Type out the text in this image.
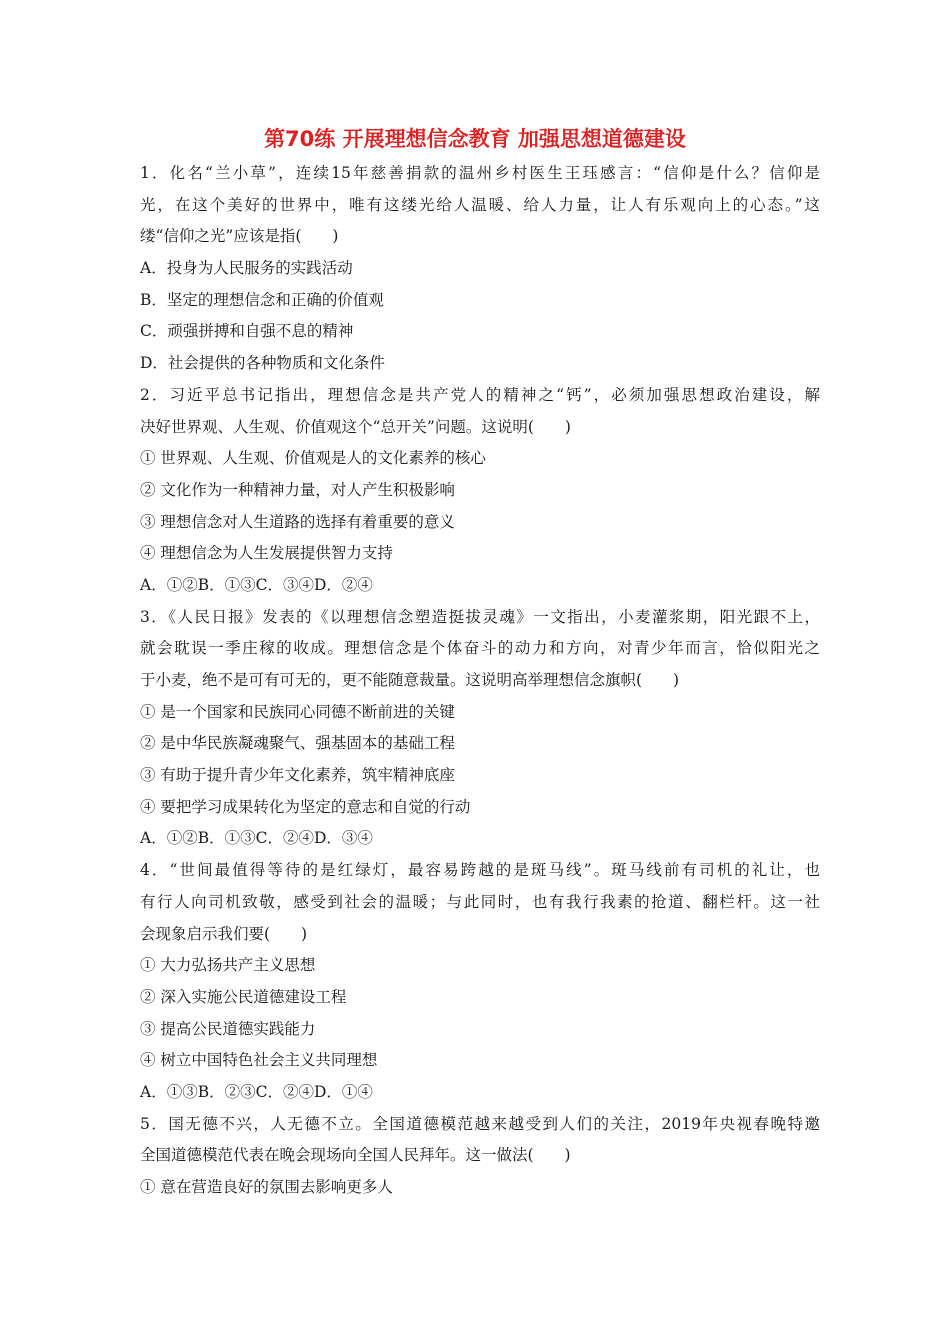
第70练 开展理想信念教育 加强思想道德建设
1．化名“兰小草”，连续15年慈善捐款的温州乡村医生王珏感言：“信仰是什么？信仰是
光，在这个美好的世界中，唯有这缕光给人温暖、给人力量，让人有乐观向上的心态。”这
缕“信仰之光”应该是指(　　)
A．投身为人民服务的实践活动
B．坚定的理想信念和正确的价值观
C．顽强拼搏和自强不息的精神
D．社会提供的各种物质和文化条件
2．习近平总书记指出，理想信念是共产党人的精神之“钙”，必须加强思想政治建设，解
决好世界观、人生观、价值观这个“总开关”问题。这说明(　　)
① 世界观、人生观、价值观是人的文化素养的核心
② 文化作为一种精神力量，对人产生积极影响
③ 理想信念对人生道路的选择有着重要的意义
④ 理想信念为人生发展提供智力支持
A．①②B．①③C．③④D．②④
3．《人民日报》发表的《以理想信念塑造挺拔灵魂》一文指出，小麦灌浆期，阳光跟不上，
就会耽误一季庄稼的收成。理想信念是个体奋斗的动力和方向，对青少年而言，恰似阳光之
于小麦，绝不是可有可无的，更不能随意裁量。这说明高举理想信念旗帜(　　)
① 是一个国家和民族同心同德不断前进的关键
② 是中华民族凝魂聚气、强基固本的基础工程
③ 有助于提升青少年文化素养，筑牢精神底座
④ 要把学习成果转化为坚定的意志和自觉的行动
A．①②B．①③C．②④D．③④
4．“世间最值得等待的是红绿灯，最容易跨越的是斑马线”。斑马线前有司机的礼让，也
有行人向司机致敬，感受到社会的温暖；与此同时，也有我行我素的抢道、翻栏杆。这一社
会现象启示我们要(　　)
① 大力弘扬共产主义思想
② 深入实施公民道德建设工程
③ 提高公民道德实践能力
④ 树立中国特色社会主义共同理想
A．①③B．②③C．②④D．①④
5．国无德不兴，人无德不立。全国道德模范越来越受到人们的关注，2019年央视春晚特邀
全国道德模范代表在晚会现场向全国人民拜年。这一做法(　　)
① 意在营造良好的氛围去影响更多人
